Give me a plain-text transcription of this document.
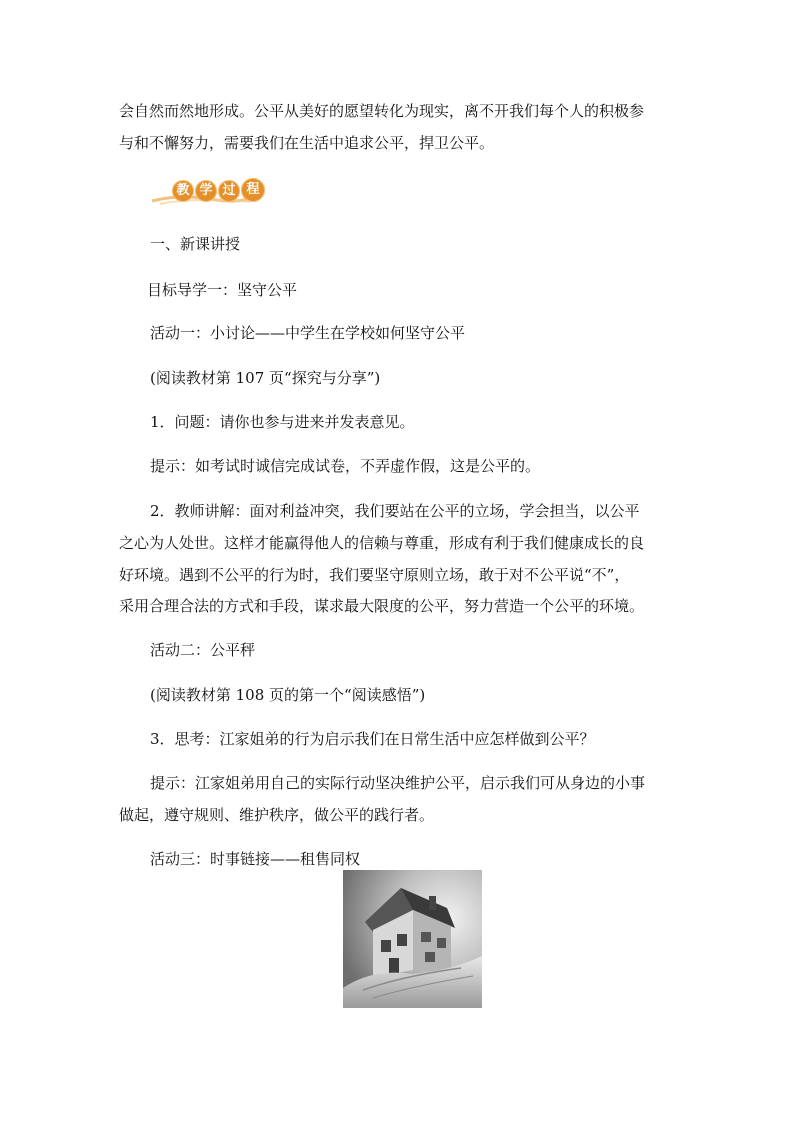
会自然而然地形成。公平从美好的愿望转化为现实，离不开我们每个人的积极参
与和不懈努力，需要我们在生活中追求公平，捍卫公平。
教 学 过 程
一、新课讲授
目标导学一：坚守公平
活动一：小讨论——中学生在学校如何坚守公平
(阅读教材第 107 页“探究与分享”)
1．问题：请你也参与进来并发表意见。
提示：如考试时诚信完成试卷，不弄虚作假，这是公平的。
2．教师讲解：面对利益冲突，我们要站在公平的立场，学会担当，以公平
之心为人处世。这样才能赢得他人的信赖与尊重，形成有利于我们健康成长的良
好环境。遇到不公平的行为时，我们要坚守原则立场，敢于对不公平说“不”，
采用合理合法的方式和手段，谋求最大限度的公平，努力营造一个公平的环境。
活动二：公平秤
(阅读教材第 108 页的第一个“阅读感悟”)
3．思考：江家姐弟的行为启示我们在日常生活中应怎样做到公平？
提示：江家姐弟用自己的实际行动坚决维护公平，启示我们可从身边的小事
做起，遵守规则、维护秩序，做公平的践行者。
活动三：时事链接——租售同权
